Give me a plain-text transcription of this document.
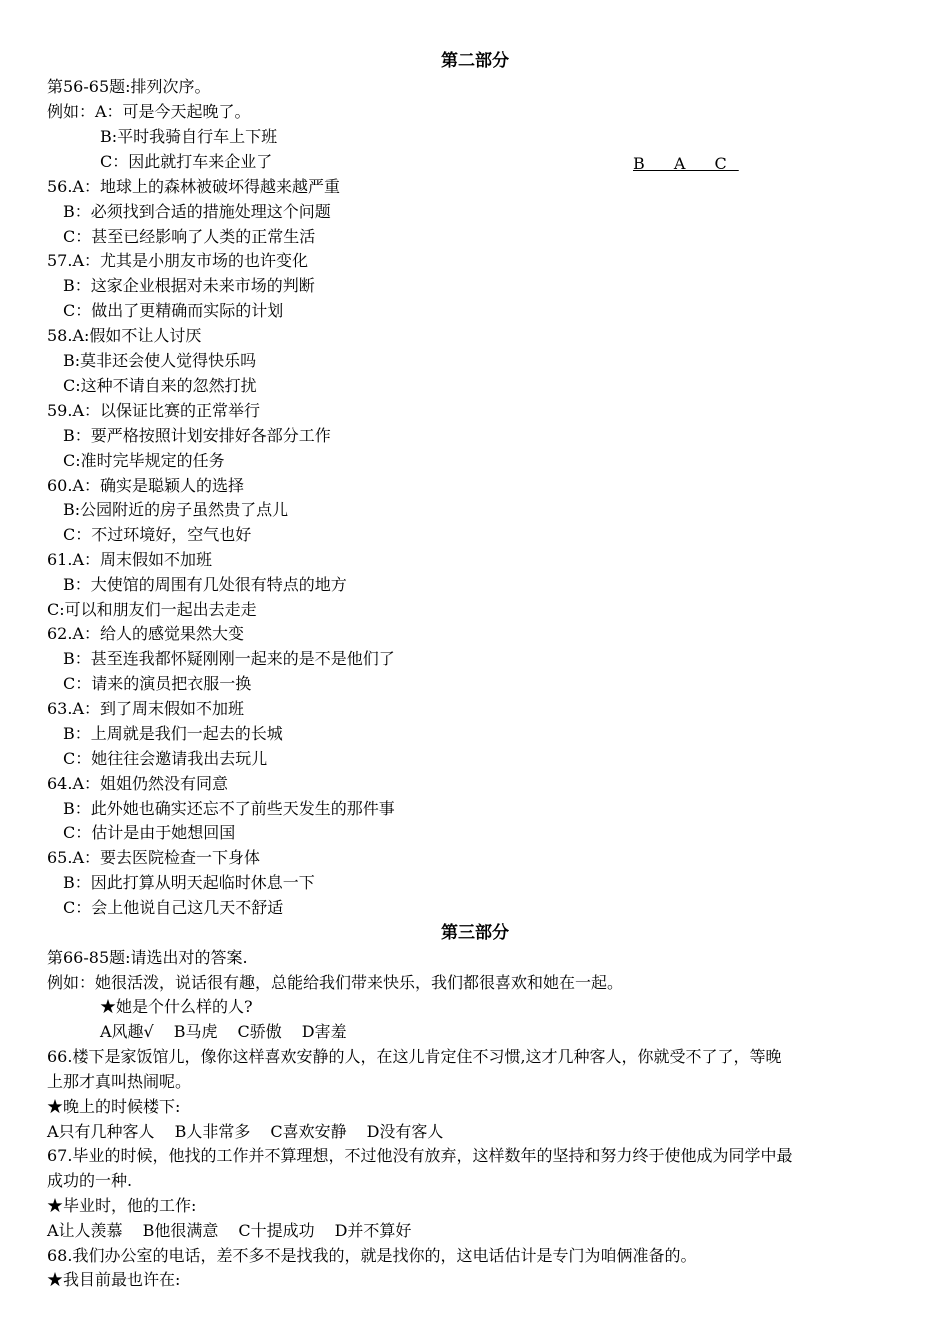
第二部分
第56-65题:排列次序。
例如：A：可是今天起晚了。
B:平时我骑自行车上下班
C：因此就打车来企业了	B A C
56.A：地球上的森林被破坏得越来越严重
B：必须找到合适的措施处理这个问题
C：甚至已经影响了人类的正常生活
57.A：尤其是小朋友市场的也许变化
B：这家企业根据对未来市场的判断
C：做出了更精确而实际的计划
58.A:假如不让人讨厌
B:莫非还会使人觉得快乐吗
C:这种不请自来的忽然打扰
59.A：以保证比赛的正常举行
B：要严格按照计划安排好各部分工作
C:准时完毕规定的任务
60.A：确实是聪颖人的选择
B:公园附近的房子虽然贵了点儿
C：不过环境好，空气也好
61.A：周末假如不加班
B：大使馆的周围有几处很有特点的地方
C:可以和朋友们一起出去走走
62.A：给人的感觉果然大变
B：甚至连我都怀疑刚刚一起来的是不是他们了
C：请来的演员把衣服一换
63.A：到了周末假如不加班
B：上周就是我们一起去的长城
C：她往往会邀请我出去玩儿
64.A：姐姐仍然没有同意
B：此外她也确实还忘不了前些天发生的那件事
C：估计是由于她想回国
65.A：要去医院检查一下身体
B：因此打算从明天起临时休息一下
C：会上他说自己这几天不舒适
第三部分
第66-85题:请选出对的答案.
例如：她很活泼，说话很有趣，总能给我们带来快乐，我们都很喜欢和她在一起。
★她是个什么样的人?
A风趣√ B马虎 C骄傲 D害羞
66.楼下是家饭馆儿，像你这样喜欢安静的人，在这儿肯定住不习惯,这才几种客人，你就受不了了，等晚
上那才真叫热闹呢。
★晚上的时候楼下:
A只有几种客人 B人非常多 C喜欢安静 D没有客人
67.毕业的时候，他找的工作并不算理想，不过他没有放弃，这样数年的坚持和努力终于使他成为同学中最
成功的一种.
★毕业时，他的工作:
A让人羡慕 B他很满意 C十提成功 D并不算好
68.我们办公室的电话，差不多不是找我的，就是找你的，这电话估计是专门为咱俩准备的。
★我目前最也许在:
